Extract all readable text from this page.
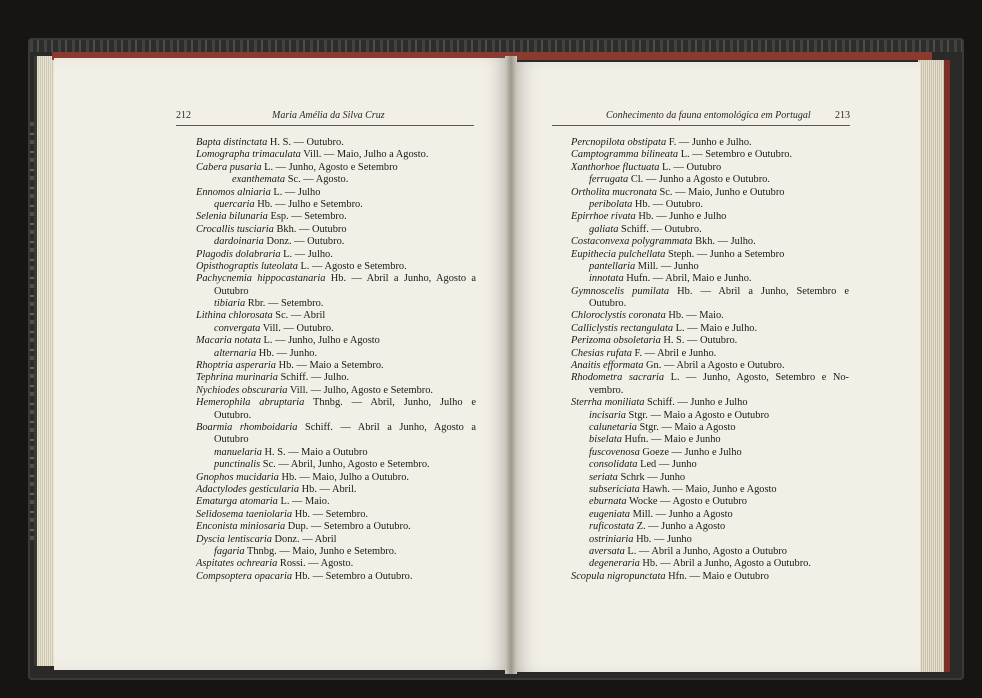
212	Maria Amélia da Silva Cruz	Conhecimento da fauna entomológica em Portugal 213
Bapta distinctata H. S. — Outubro.
Lomographa trimaculata Vill. — Maio, Julho a Agosto.
Cabera pusaria L. — Junho, Agosto e Setembro
exanthemata Sc. — Agosto.
Ennomos alniaria L. — Julho
quercaria Hb. — Julho e Setembro.
Selenia bilunaria Esp. — Setembro.
Crocallis tusciaria Bkh. — Outubro
dardoinaria Donz. — Outubro.
Plagodis dolabraria L. — Julho.
Opisthograptis luteolata L. — Agosto e Setembro.
Pachycnemia hippocastanaria Hb. — Abril a Junho, Agosto a
Outubro
tibiaria Rbr. — Setembro.
Lithina chlorosata Sc. — Abril
convergata Vill. — Outubro.
Macaria notata L. — Junho, Julho e Agosto
alternaria Hb. — Junho.
Rhoptria asperaria Hb. — Maio a Setembro.
Tephrina murinaria Schiff. — Julho.
Nychiodes obscuraria Vill. — Julho, Agosto e Setembro.
Hemerophila abruptaria Thnbg. — Abril, Junho, Julho e
Outubro.
Boarmia rhomboidaria Schiff. — Abril a Junho, Agosto a
Outubro
manuelaria H. S. — Maio a Outubro
punctinalis Sc. — Abril, Junho, Agosto e Setembro.
Gnophos mucidaria Hb. — Maio, Julho a Outubro.
Adactylodes gesticularia Hb. — Abril.
Ematurga atomaria L. — Maio.
Selidosema taeniolaria Hb. — Setembro.
Enconista miniosaria Dup. — Setembro a Outubro.
Dyscia lentiscaria Donz. — Abril
fagaria Thnbg. — Maio, Junho e Setembro.
Aspitates ochrearia Rossi. — Agosto.
Compsoptera opacaria Hb. — Setembro a Outubro.
Percnopilota obstipata F. — Junho e Julho.
Camptogramma bilineata L. — Setembro e Outubro.
Xanthorhoe fluctuata L. — Outubro
ferrugata Cl. — Junho a Agosto e Outubro.
Ortholita mucronata Sc. — Maio, Junho e Outubro
peribolata Hb. — Outubro.
Epirrhoe rivata Hb. — Junho e Julho
galiata Schiff. — Outubro.
Costaconvexa polygrammata Bkh. — Julho.
Eupithecia pulchellata Steph. — Junho a Setembro
pantellaria Mill. — Junho
innotata Hufn. — Abril, Maio e Junho.
Gymnoscelis pumilata Hb. — Abril a Junho, Setembro e
Outubro.
Chloroclystis coronata Hb. — Maio.
Calliclystis rectangulata L. — Maio e Julho.
Perizoma obsoletaria H. S. — Outubro.
Chesias rufata F. — Abril e Junho.
Anaitis efformata Gn. — Abril a Agosto e Outubro.
Rhodometra sacraria L. — Junho, Agosto, Setembro e No-
vembro.
Sterrha moniliata Schiff. — Junho e Julho
incisaria Stgr. — Maio a Agosto e Outubro
calunetaria Stgr. — Maio a Agosto
biselata Hufn. — Maio e Junho
fuscovenosa Goeze — Junho e Julho
consolidata Led — Junho
seriata Schrk — Junho
subsericiata Hawh. — Maio, Junho e Agosto
eburnata Wocke — Agosto e Outubro
eugeniata Mill. — Junho a Agosto
ruficostata Z. — Junho a Agosto
ostriniaria Hb. — Junho
aversata L. — Abril a Junho, Agosto a Outubro
degeneraria Hb. — Abril a Junho, Agosto a Outubro.
Scopula nigropunctata Hfn. — Maio e Outubro
